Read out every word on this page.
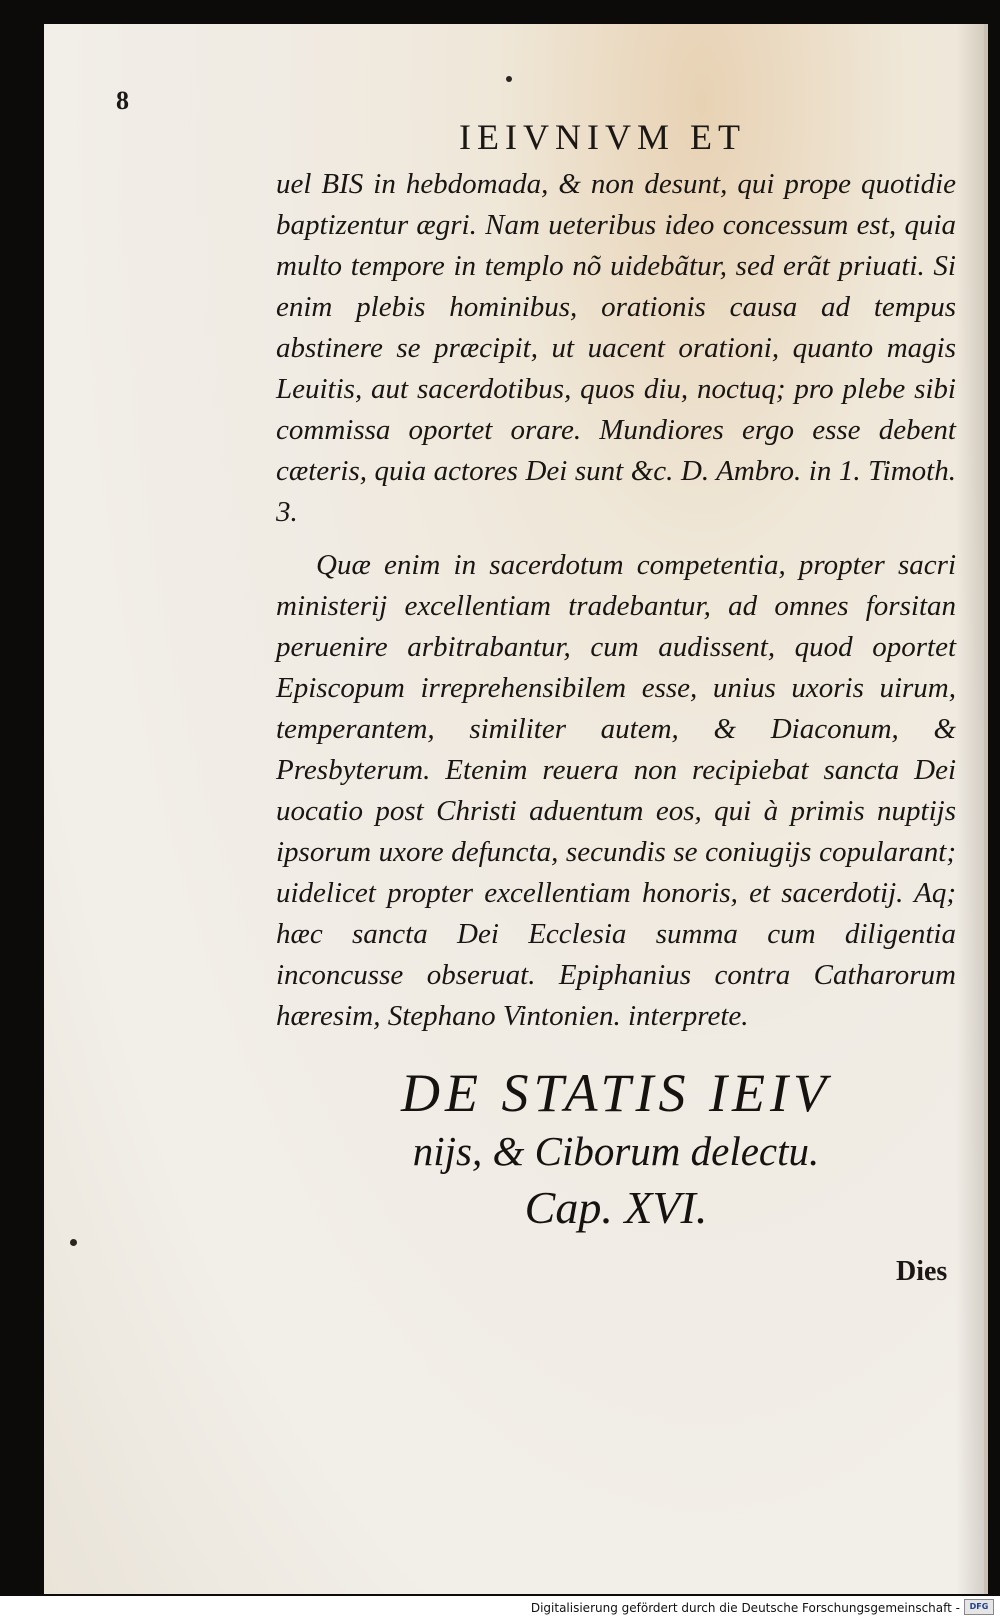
8
IEIVNIVM ET

uel BIS in hebdomada, & non desunt, qui prope quotidie baptizentur ægri. Nam ueteribus ideo concessum est, quia multo tempore in templo nõ uidebãtur, sed erãt priuati. Si enim plebis hominibus, orationis causa ad tempus abstinere se præcipit, ut uacent orationi, quanto magis Leuitis, aut sacerdotibus, quos diu, noctuq; pro plebe sibi commissa oportet orare. Mundiores ergo esse debent cæteris, quia actores Dei sunt &c. D. Ambro. in 1. Timoth. 3.

Quæ enim in sacerdotum competentia, propter sacri ministerij excellentiam tradebantur, ad omnes forsitan peruenire arbitrabantur, cum audissent, quod oportet Episcopum irreprehensibilem esse, unius uxoris uirum, temperantem, similiter autem, & Diaconum, & Presbyterum. Etenim reuera non recipiebat sancta Dei uocatio post Christi aduentum eos, qui à primis nuptijs ipsorum uxore defuncta, secundis se coniugijs copularant; uidelicet propter excellentiam honoris, et sacerdotij. Aq; hæc sancta Dei Ecclesia summa cum diligentia inconcusse obseruat. Epiphanius contra Catharorum hæresim, Stephano Vintonien. interprete.

DE STATIS IEIV
nijs, & Ciborum delectu.
Cap. XVI.
Dies
Digitalisierung gefördert durch die Deutsche Forschungsgemeinschaft -	DFG
